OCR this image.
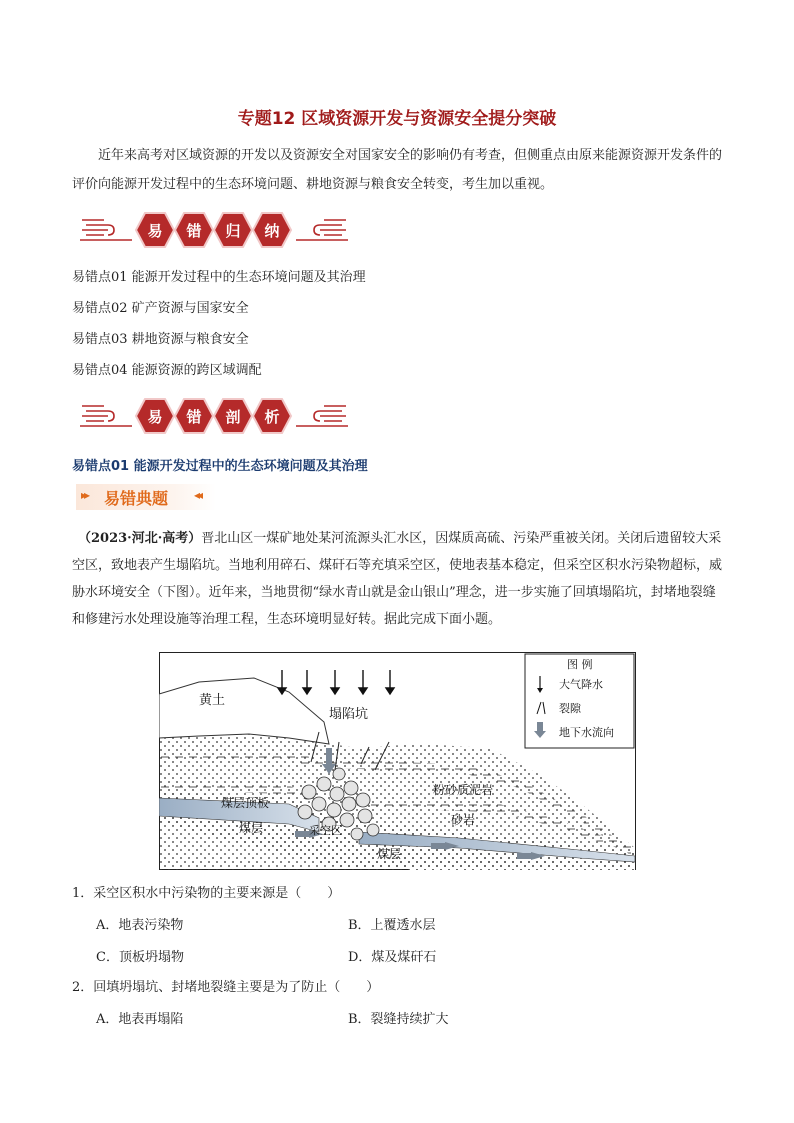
专题12 区域资源开发与资源安全提分突破
近年来高考对区域资源的开发以及资源安全对国家安全的影响仍有考查，但侧重点由原来能源资源开发条件的评价向能源开发过程中的生态环境问题、耕地资源与粮食安全转变，考生加以重视。
易 错 归 纳
易错点01 能源开发过程中的生态环境问题及其治理
易错点02 矿产资源与国家安全
易错点03 耕地资源与粮食安全
易错点04 能源资源的跨区域调配
易 错 剖 析
易错点01 能源开发过程中的生态环境问题及其治理
▸▸ 易错典题 ◂◂
（2023·河北·高考）晋北山区一煤矿地处某河流源头汇水区，因煤质高硫、污染严重被关闭。关闭后遗留较大采空区，致地表产生塌陷坑。当地利用碎石、煤矸石等充填采空区，使地表基本稳定，但采空区积水污染物超标，威胁水环境安全（下图）。近年来，当地贯彻“绿水青山就是金山银山”理念，进一步实施了回填塌陷坑，封堵地裂缝和修建污水处理设施等治理工程，生态环境明显好转。据此完成下面小题。
黄土
塌陷坑
煤层顶板
煤层	采空区
粉砂质泥岩
砂岩
煤层
图 例
大气降水
裂隙
地下水流向
1．采空区积水中污染物的主要来源是（　　）
A．地表污染物	B．上覆透水层
C．顶板坍塌物	D．煤及煤矸石
2．回填坍塌坑、封堵地裂缝主要是为了防止（　　）
A．地表再塌陷	B．裂缝持续扩大
